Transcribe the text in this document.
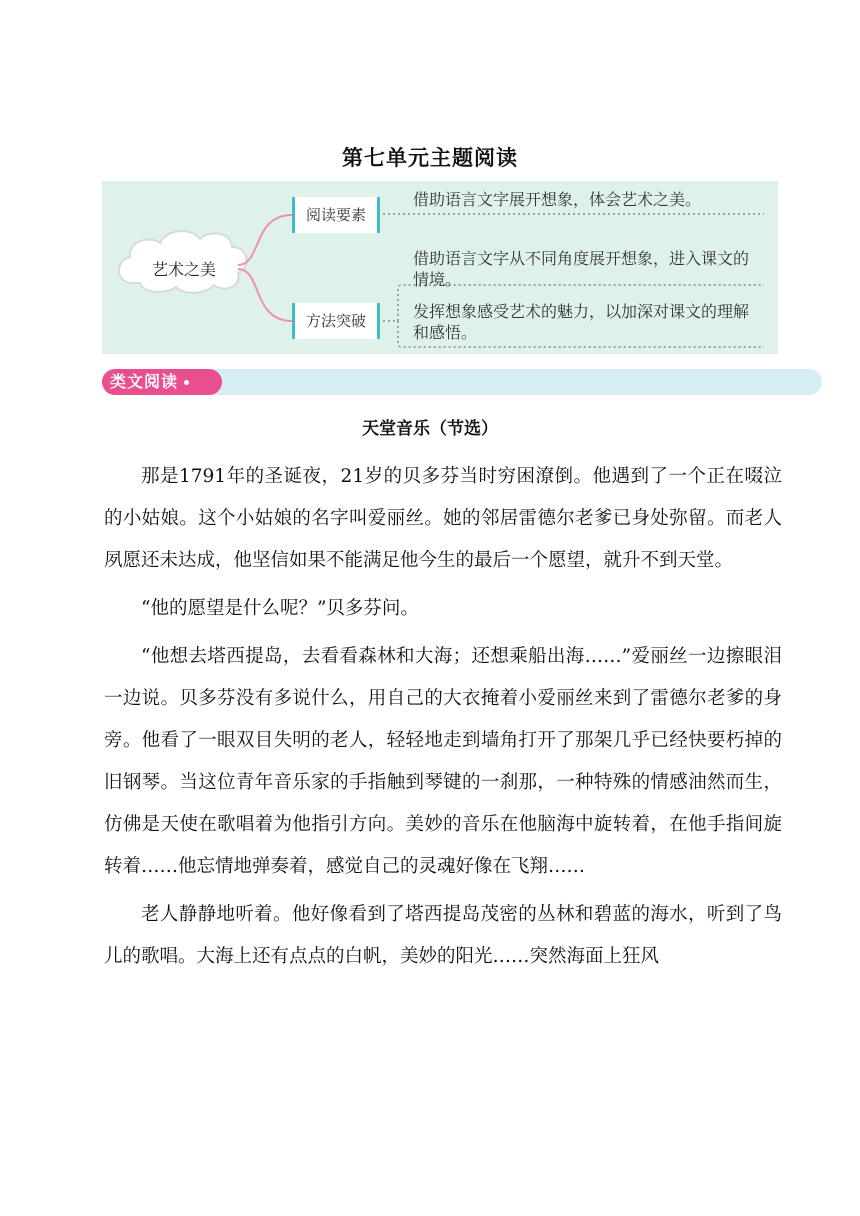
第七单元主题阅读
艺术之美
阅读要素
借助语言文字展开想象，体会艺术之美。
方法突破
借助语言文字从不同角度展开想象，进入课文的情境。
发挥想象感受艺术的魅力，以加深对课文的理解和感悟。
类文阅读
天堂音乐（节选）

那是1791年的圣诞夜，21岁的贝多芬当时穷困潦倒。他遇到了一个正在啜泣的小姑娘。这个小姑娘的名字叫爱丽丝。她的邻居雷德尔老爹已身处弥留。而老人夙愿还未达成，他坚信如果不能满足他今生的最后一个愿望，就升不到天堂。

“他的愿望是什么呢？”贝多芬问。

“他想去塔西提岛，去看看森林和大海；还想乘船出海……”爱丽丝一边擦眼泪一边说。贝多芬没有多说什么，用自己的大衣掩着小爱丽丝来到了雷德尔老爹的身旁。他看了一眼双目失明的老人，轻轻地走到墙角打开了那架几乎已经快要朽掉的旧钢琴。当这位青年音乐家的手指触到琴键的一刹那，一种特殊的情感油然而生，仿佛是天使在歌唱着为他指引方向。美妙的音乐在他脑海中旋转着，在他手指间旋转着……他忘情地弹奏着，感觉自己的灵魂好像在飞翔……

老人静静地听着。他好像看到了塔西提岛茂密的丛林和碧蓝的海水，听到了鸟儿的歌唱。大海上还有点点的白帆，美妙的阳光……突然海面上狂风
